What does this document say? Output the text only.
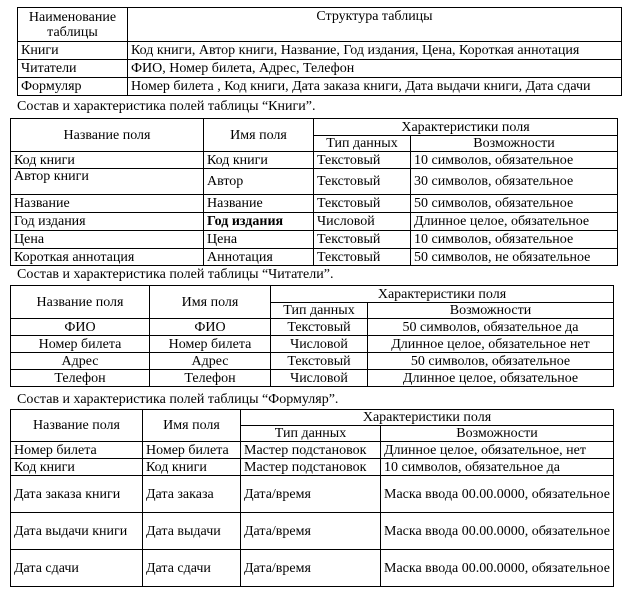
Наименование таблицы	Структура таблицы
Книги	Код книги, Автор книги, Название, Год издания, Цена, Короткая аннотация
Читатели	ФИО, Номер билета, Адрес, Телефон
Формуляр	Номер билета , Код книги, Дата заказа книги, Дата выдачи книги, Дата сдачи
Состав и характеристика полей таблицы “Книги”.
Название поля	Имя поля	Характеристики поля	
		Тип данных	Возможности
Код книги	Код книги	Текстовый	10 символов, обязательное
Автор книги	Автор	Текстовый	30 символов, обязательное
Название	Название	Текстовый	50 символов, обязательное
Год издания	Год издания	Числовой	Длинное целое, обязательное
Цена	Цена	Текстовый	10 символов, обязательное
Короткая аннотация	Аннотация	Текстовый	50 символов, не обязательное
Состав и характеристика полей таблицы “Читатели”.
Название поля	Имя поля	Характеристики поля	
		Тип данных	Возможности
ФИО	ФИО	Текстовый	50 символов, обязательное да
Номер билета	Номер билета	Числовой	Длинное целое, обязательное нет
Адрес	Адрес	Текстовый	50 символов, обязательное
Телефон	Телефон	Числовой	Длинное целое, обязательное
Состав и характеристика полей таблицы “Формуляр”.
Название поля	Имя поля	Характеристики поля	
		Тип данных	Возможности
Номер билета	Номер билета	Мастер подстановок	Длинное целое, обязательное, нет
Код книги	Код книги	Мастер подстановок	10 символов, обязательное да
Дата заказа книги	Дата заказа	Дата/время	Маска ввода 00.00.0000, обязательное
Дата выдачи книги	Дата выдачи	Дата/время	Маска ввода 00.00.0000, обязательное
Дата сдачи	Дата сдачи	Дата/время	Маска ввода 00.00.0000, обязательное
